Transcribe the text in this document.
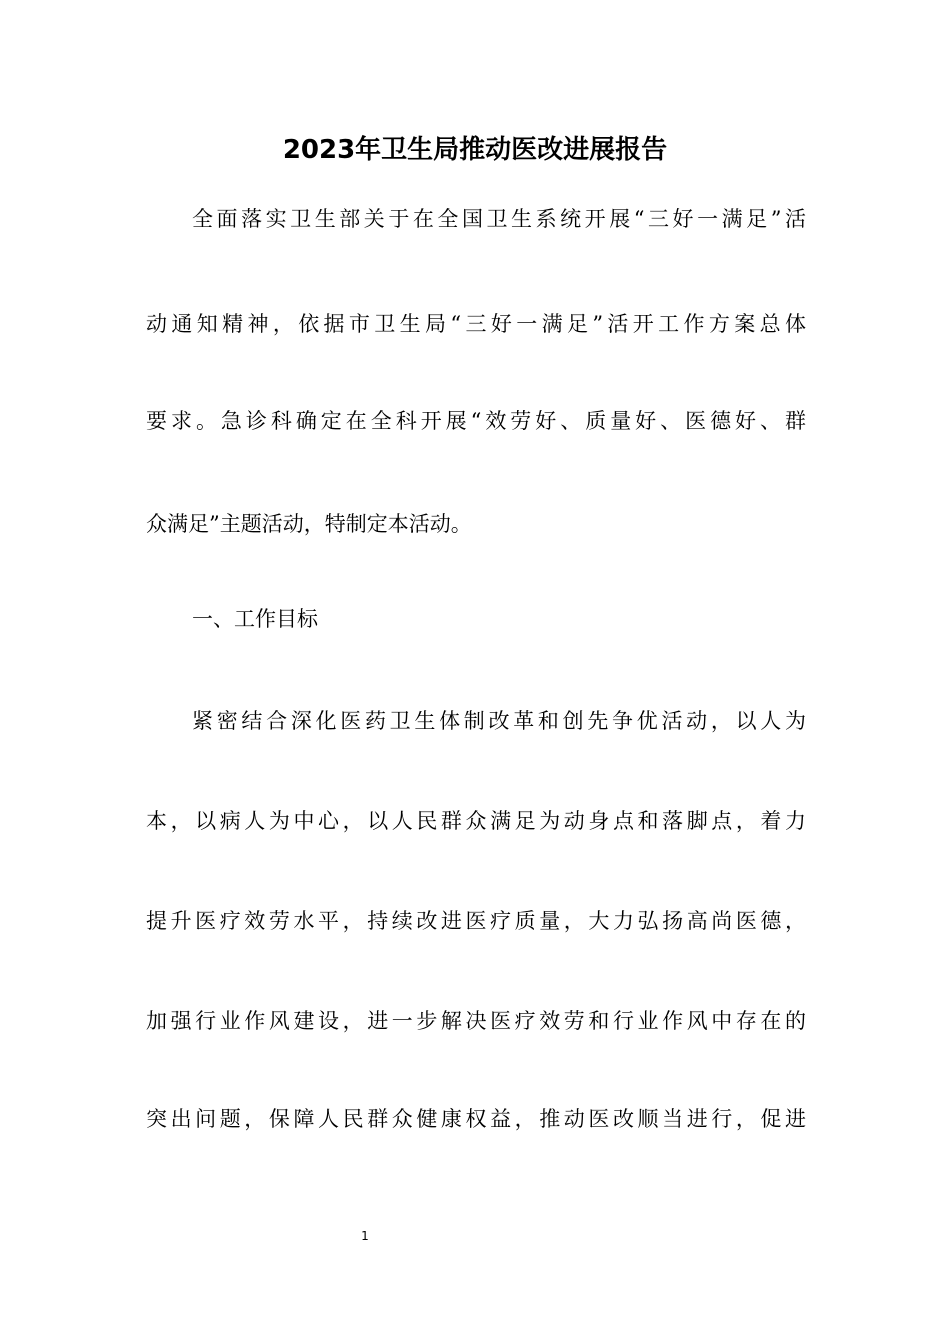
2023年卫生局推动医改进展报告

全面落实卫生部关于在全国卫生系统开展“三好一满足”活

动通知精神，依据市卫生局“三好一满足”活开工作方案总体

要求。急诊科确定在全科开展“效劳好、质量好、医德好、群

众满足”主题活动，特制定本活动。

一、工作目标

紧密结合深化医药卫生体制改革和创先争优活动，以人为

本，以病人为中心，以人民群众满足为动身点和落脚点，着力

提升医疗效劳水平，持续改进医疗质量，大力弘扬高尚医德，

加强行业作风建设，进一步解决医疗效劳和行业作风中存在的

突出问题，保障人民群众健康权益，推动医改顺当进行，促进

1
